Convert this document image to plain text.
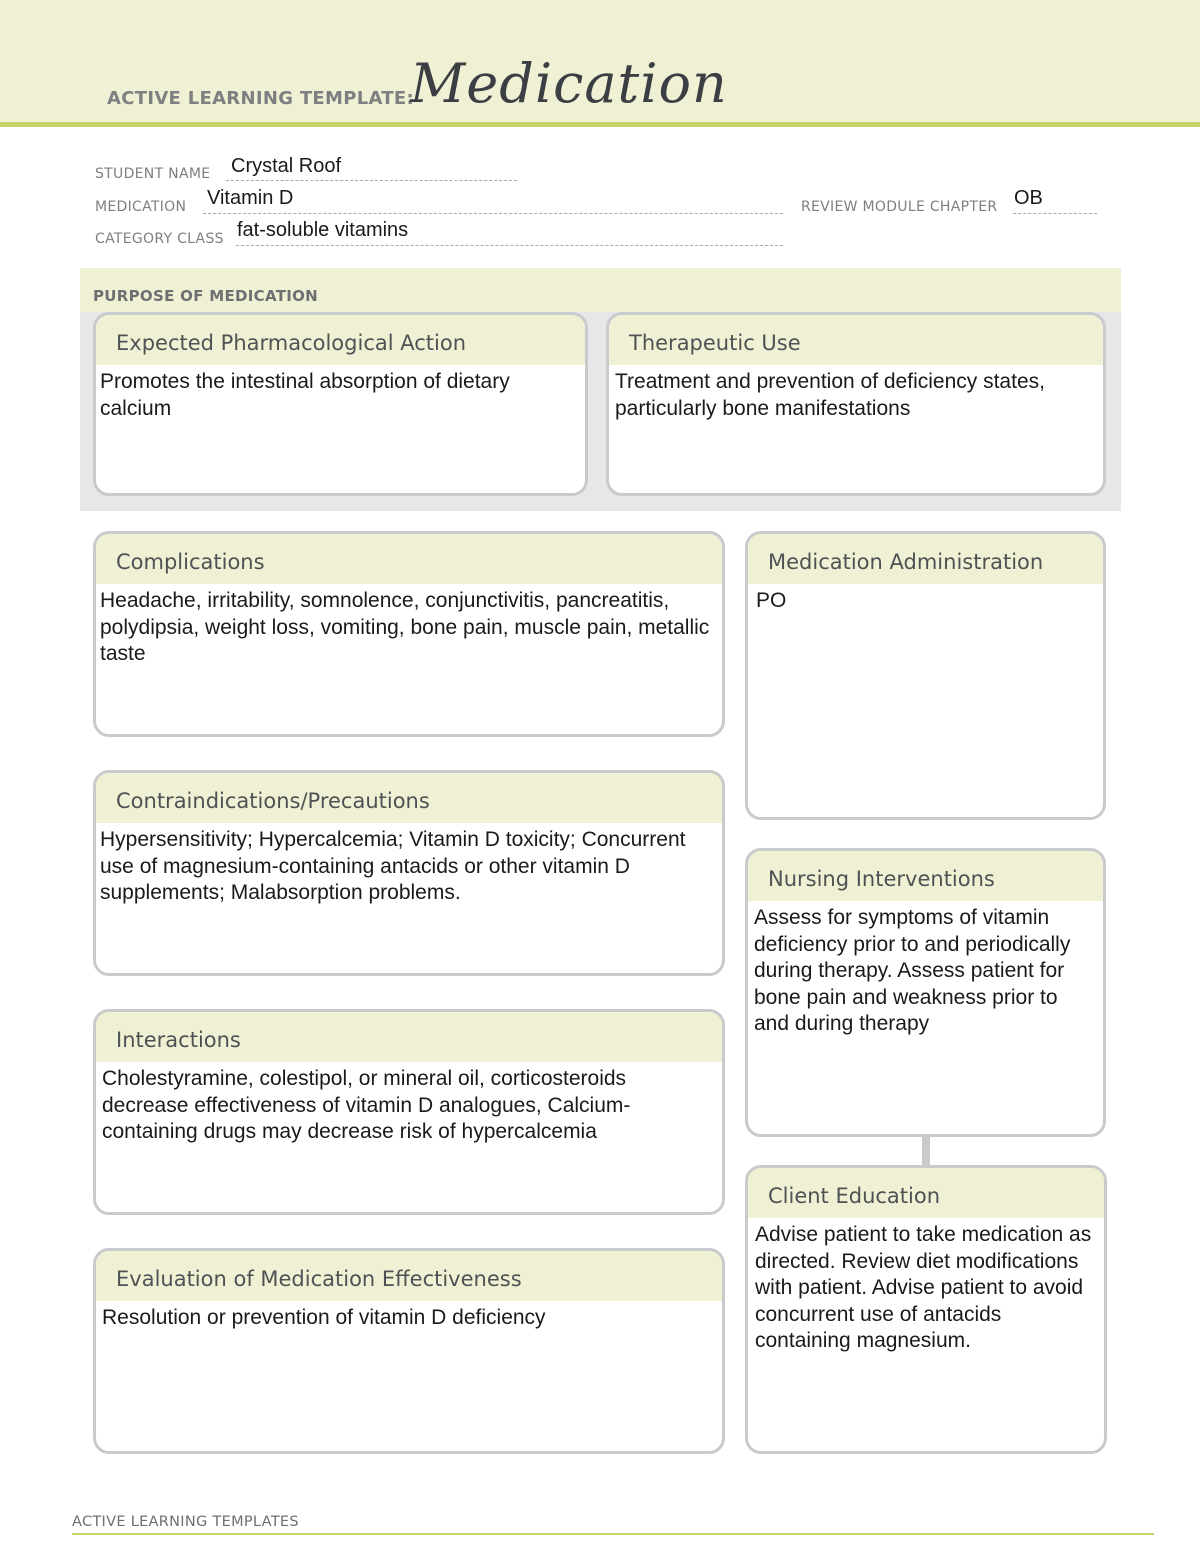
ACTIVE LEARNING TEMPLATE:
Medication
STUDENT NAME Crystal Roof
MEDICATION Vitamin D	REVIEW MODULE CHAPTER OB
CATEGORY CLASS fat-soluble vitamins
PURPOSE OF MEDICATION
Expected Pharmacological Action
Promotes the intestinal absorption of dietary calcium
Therapeutic Use
Treatment and prevention of deficiency states, particularly bone manifestations
Complications
Headache, irritability, somnolence, conjunctivitis, pancreatitis, polydipsia, weight loss, vomiting, bone pain, muscle pain, metallic taste
Contraindications/Precautions
Hypersensitivity; Hypercalcemia; Vitamin D toxicity; Concurrent use of magnesium-containing antacids or other vitamin D supplements; Malabsorption problems.
Interactions
Cholestyramine, colestipol, or mineral oil, corticosteroids decrease effectiveness of vitamin D analogues, Calcium-containing drugs may decrease risk of hypercalcemia
Evaluation of Medication Effectiveness
Resolution or prevention of vitamin D deficiency
Medication Administration
PO
Nursing Interventions
Assess for symptoms of vitamin deficiency prior to and periodically during therapy. Assess patient for bone pain and weakness prior to and during therapy
Client Education
Advise patient to take medication as directed. Review diet modifications with patient. Advise patient to avoid concurrent use of antacids containing magnesium.
ACTIVE LEARNING TEMPLATES
